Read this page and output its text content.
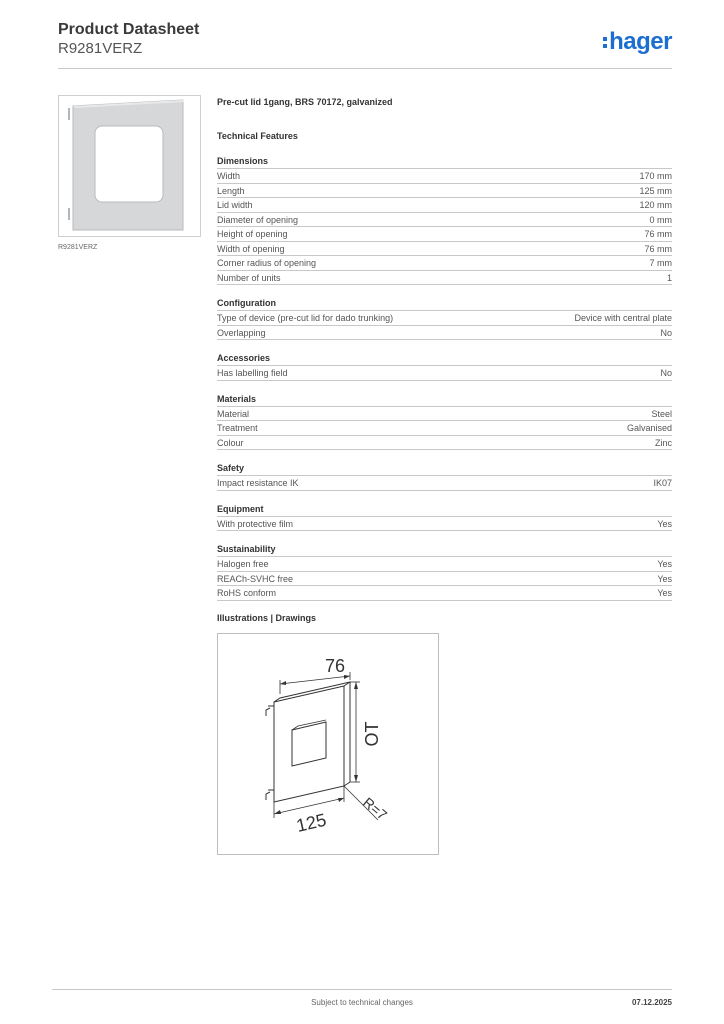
Product Datasheet
R9281VERZ	hager
R9281VERZ
Pre-cut lid 1gang, BRS 70172, galvanized
Technical Features
Dimensions
Width	170 mm
Length	125 mm
Lid width	120 mm
Diameter of opening	0 mm
Height of opening	76 mm
Width of opening	76 mm
Corner radius of opening	7 mm
Number of units	1
Configuration
Type of device (pre-cut lid for dado trunking)	Device with central plate
Overlapping	No
Accessories
Has labelling field	No
Materials
Material	Steel
Treatment	Galvanised
Colour	Zinc
Safety
Impact resistance IK	IK07
Equipment
With protective film	Yes
Sustainability
Halogen free	Yes
REACh-SVHC free	Yes
RoHS conform	Yes
Illustrations | Drawings
76
OT
125 R=7
Subject to technical changes	07.12.2025
